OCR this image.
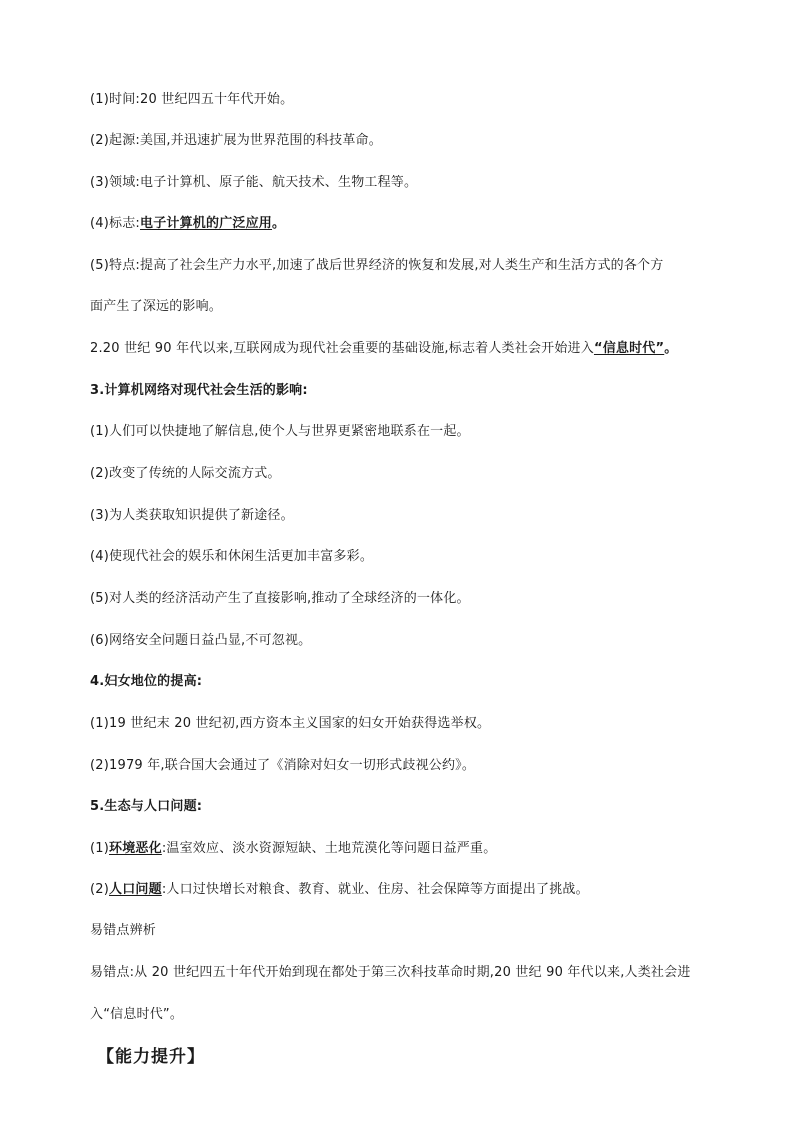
(1)时间:20 世纪四五十年代开始。
(2)起源:美国,并迅速扩展为世界范围的科技革命。
(3)领域:电子计算机、原子能、航天技术、生物工程等。
(4)标志:电子计算机的广泛应用。
(5)特点:提高了社会生产力水平,加速了战后世界经济的恢复和发展,对人类生产和生活方式的各个方
面产生了深远的影响。
2.20 世纪 90 年代以来,互联网成为现代社会重要的基础设施,标志着人类社会开始进入“信息时代”。
3.计算机网络对现代社会生活的影响:
(1)人们可以快捷地了解信息,使个人与世界更紧密地联系在一起。
(2)改变了传统的人际交流方式。
(3)为人类获取知识提供了新途径。
(4)使现代社会的娱乐和休闲生活更加丰富多彩。
(5)对人类的经济活动产生了直接影响,推动了全球经济的一体化。
(6)网络安全问题日益凸显,不可忽视。
4.妇女地位的提高:
(1)19 世纪末 20 世纪初,西方资本主义国家的妇女开始获得选举权。
(2)1979 年,联合国大会通过了《消除对妇女一切形式歧视公约》。
5.生态与人口问题:
(1)环境恶化:温室效应、淡水资源短缺、土地荒漠化等问题日益严重。
(2)人口问题:人口过快增长对粮食、教育、就业、住房、社会保障等方面提出了挑战。
易错点辨析
易错点:从 20 世纪四五十年代开始到现在都处于第三次科技革命时期,20 世纪 90 年代以来,人类社会进
入“信息时代”。
【能力提升】
